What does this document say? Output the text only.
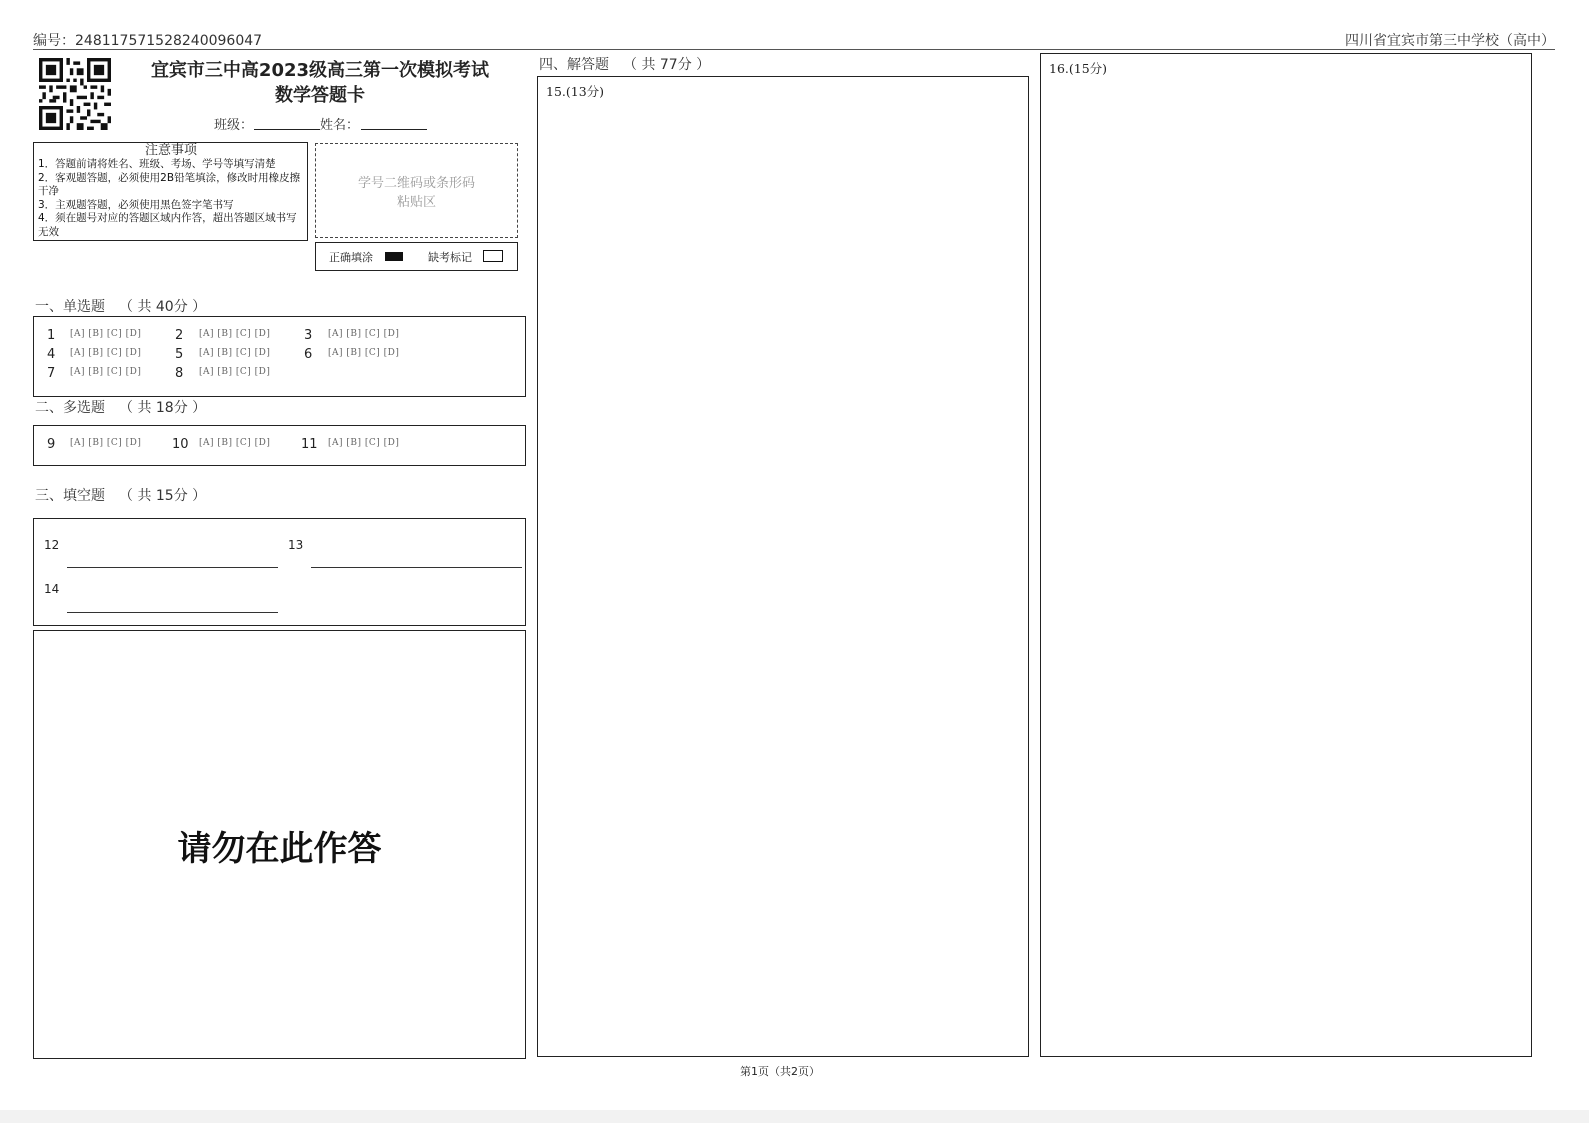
编号：248117571528240096047	四川省宜宾市第三中学校（高中）
宜宾市三中高2023级高三第一次模拟考试
数学答题卡
班级：	姓名：
注意事项
1．答题前请将姓名、班级、考场、学号等填写清楚
2．客观题答题，必须使用2B铅笔填涂，修改时用橡皮擦干净
3．主观题答题，必须使用黑色签字笔书写
4．须在题号对应的答题区域内作答，超出答题区域书写无效
学号二维码或条形码
粘贴区
正确填涂	缺考标记
一、单选题 （ 共 40分 ）
1 [A] [B] [C] [D]	2 [A] [B] [C] [D]	3 [A] [B] [C] [D]
4 [A] [B] [C] [D]	5 [A] [B] [C] [D]	6 [A] [B] [C] [D]
7 [A] [B] [C] [D]	8 [A] [B] [C] [D]
二、多选题 （ 共 18分 ）
9 [A] [B] [C] [D] 10 [A] [B] [C] [D] 11 [A] [B] [C] [D]
三、填空题 （ 共 15分 ）
12	13
14
请勿在此作答
四、解答题 （ 共 77分 ）
15.(13分)
16.(15分)
第1页（共2页）
